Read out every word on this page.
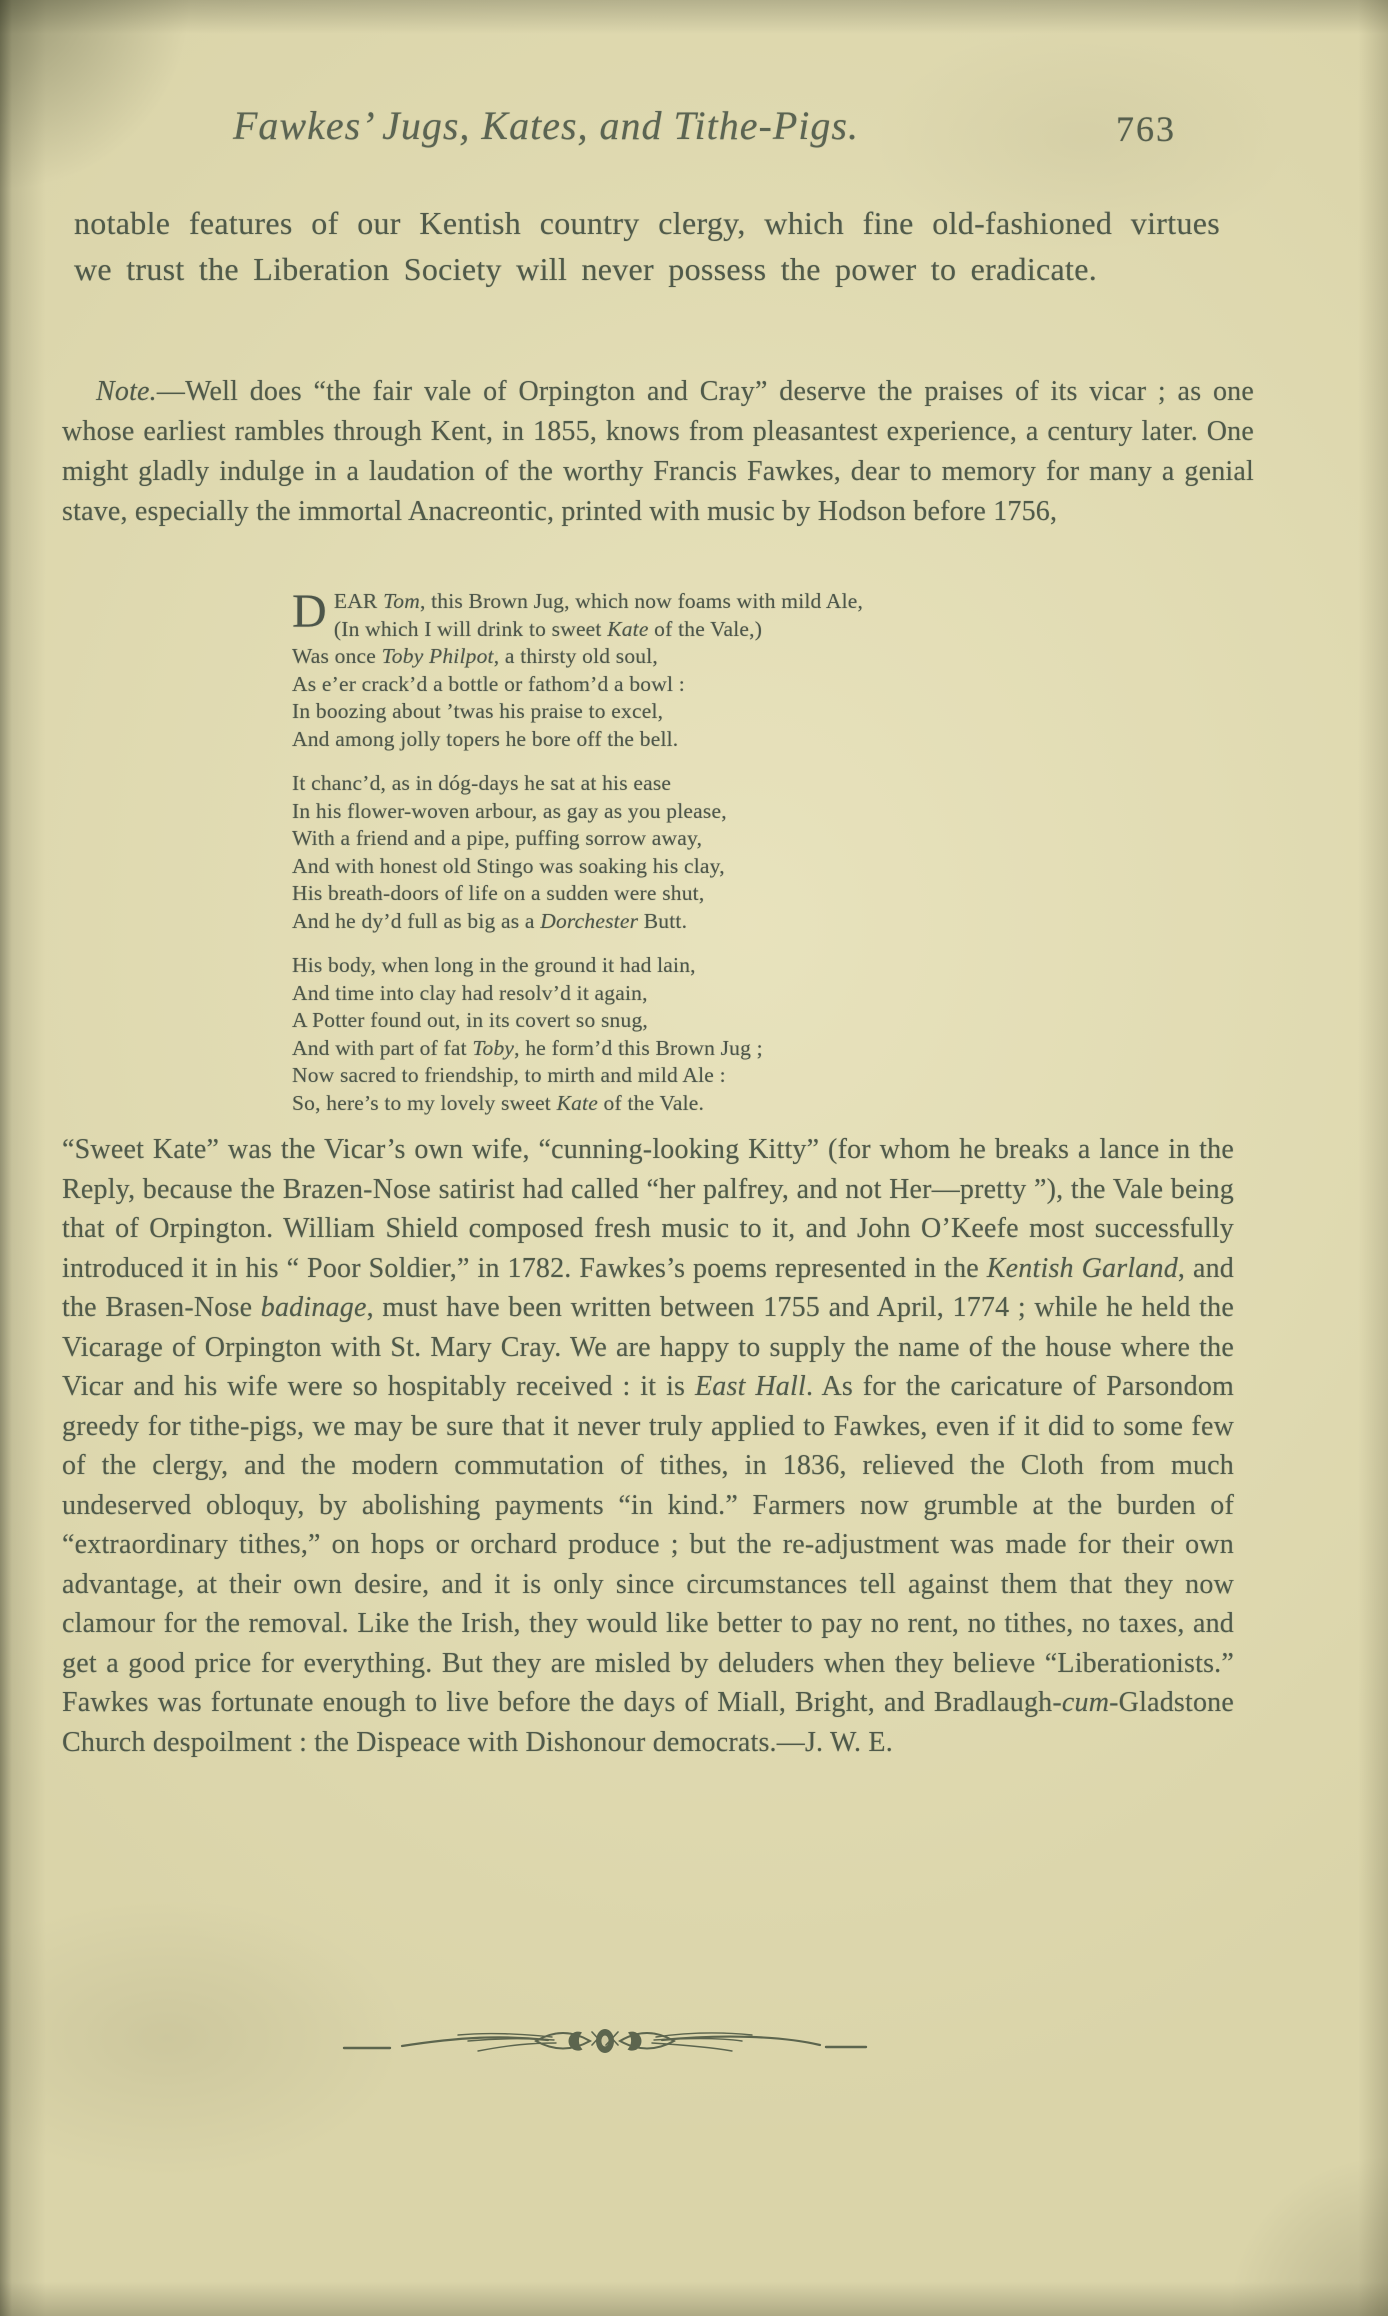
Fawkes’ Jugs, Kates, and Tithe-Pigs.	763
notable features of our Kentish country clergy, which fine old-fashioned virtues we trust the Liberation Society will never possess the power to eradicate.
Note.—Well does “the fair vale of Orpington and Cray” deserve the praises of its vicar ; as one whose earliest rambles through Kent, in 1855, knows from pleasantest experience, a century later. One might gladly indulge in a laudation of the worthy Francis Fawkes, dear to memory for many a genial stave, especially the immortal Anacreontic, printed with music by Hodson before 1756,
DEAR Tom, this Brown Jug, which now foams with mild Ale,
(In which I will drink to sweet Kate of the Vale,)
Was once Toby Philpot, a thirsty old soul,
As e’er crack’d a bottle or fathom’d a bowl :
In boozing about ’twas his praise to excel,
And among jolly topers he bore off the bell.
It chanc’d, as in dóg-days he sat at his ease
In his flower-woven arbour, as gay as you please,
With a friend and a pipe, puffing sorrow away,
And with honest old Stingo was soaking his clay,
His breath-doors of life on a sudden were shut,
And he dy’d full as big as a Dorchester Butt.
His body, when long in the ground it had lain,
And time into clay had resolv’d it again,
A Potter found out, in its covert so snug,
And with part of fat Toby, he form’d this Brown Jug ;
Now sacred to friendship, to mirth and mild Ale :
So, here’s to my lovely sweet Kate of the Vale.
“Sweet Kate” was the Vicar’s own wife, “cunning-looking Kitty” (for whom he breaks a lance in the Reply, because the Brazen-Nose satirist had called “her palfrey, and not Her—pretty ”), the Vale being that of Orpington. William Shield composed fresh music to it, and John O’Keefe most successfully introduced it in his “ Poor Soldier,” in 1782. Fawkes’s poems represented in the Kentish Garland, and the Brasen-Nose badinage, must have been written between 1755 and April, 1774 ; while he held the Vicarage of Orpington with St. Mary Cray. We are happy to supply the name of the house where the Vicar and his wife were so hospitably received : it is East Hall. As for the caricature of Parsondom greedy for tithe-pigs, we may be sure that it never truly applied to Fawkes, even if it did to some few of the clergy, and the modern commutation of tithes, in 1836, relieved the Cloth from much undeserved obloquy, by abolishing payments “in kind.” Farmers now grumble at the burden of “extraordinary tithes,” on hops or orchard produce ; but the re-adjustment was made for their own advantage, at their own desire, and it is only since circumstances tell against them that they now clamour for the removal. Like the Irish, they would like better to pay no rent, no tithes, no taxes, and get a good price for everything. But they are misled by deluders when they believe “Liberationists.” Fawkes was fortunate enough to live before the days of Miall, Bright, and Bradlaugh-cum-Gladstone Church despoilment : the Dispeace with Dishonour democrats.—J. W. E.
